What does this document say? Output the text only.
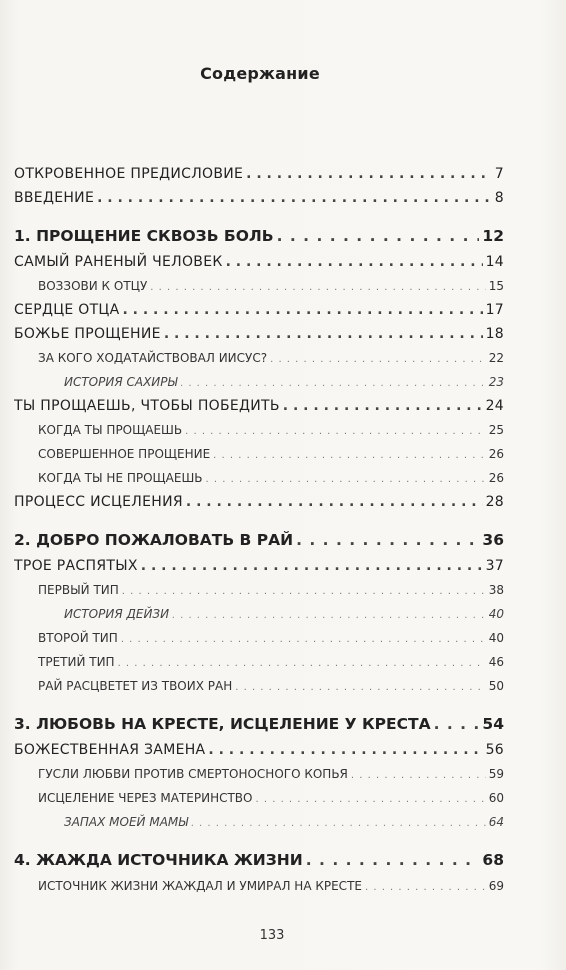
Содержание
ОТКРОВЕННОЕ ПРЕДИСЛОВИЕ . . .	7
ВВЕДЕНИЕ . . .	8
1. ПРОЩЕНИЕ СКВОЗЬ БОЛЬ . . .	12
САМЫЙ РАНЕНЫЙ ЧЕЛОВЕК . . .	14
ВОЗЗОВИ К ОТЦУ . . .	15
СЕРДЦЕ ОТЦА . . .	17
БОЖЬЕ ПРОЩЕНИЕ . . .	18
ЗА КОГО ХОДАТАЙСТВОВАЛ ИИСУС? . . .	22
ИСТОРИЯ САХИРЫ . . .	23
ТЫ ПРОЩАЕШЬ, ЧТОБЫ ПОБЕДИТЬ . . .	24
КОГДА ТЫ ПРОЩАЕШЬ . . .	25
СОВЕРШЕННОЕ ПРОЩЕНИЕ . . .	26
КОГДА ТЫ НЕ ПРОЩАЕШЬ . . .	26
ПРОЦЕСС ИСЦЕЛЕНИЯ . . .	28
2. ДОБРО ПОЖАЛОВАТЬ В РАЙ . . .	36
ТРОЕ РАСПЯТЫХ . . .	37
ПЕРВЫЙ ТИП . . .	38
ИСТОРИЯ ДЕЙЗИ . . .	40
ВТОРОЙ ТИП . . .	40
ТРЕТИЙ ТИП . . .	46
РАЙ РАСЦВЕТЕТ ИЗ ТВОИХ РАН . . .	50
3. ЛЮБОВЬ НА КРЕСТЕ, ИСЦЕЛЕНИЕ У КРЕСТА . . .	54
БОЖЕСТВЕННАЯ ЗАМЕНА . . .	56
ГУСЛИ ЛЮБВИ ПРОТИВ СМЕРТОНОСНОГО КОПЬЯ . . .	59
ИСЦЕЛЕНИЕ ЧЕРЕЗ МАТЕРИНСТВО . . .	60
ЗАПАХ МОЕЙ МАМЫ . . .	64
4. ЖАЖДА ИСТОЧНИКА ЖИЗНИ . . .	68
ИСТОЧНИК ЖИЗНИ ЖАЖДАЛ И УМИРАЛ НА КРЕСТЕ . . .	69
133
